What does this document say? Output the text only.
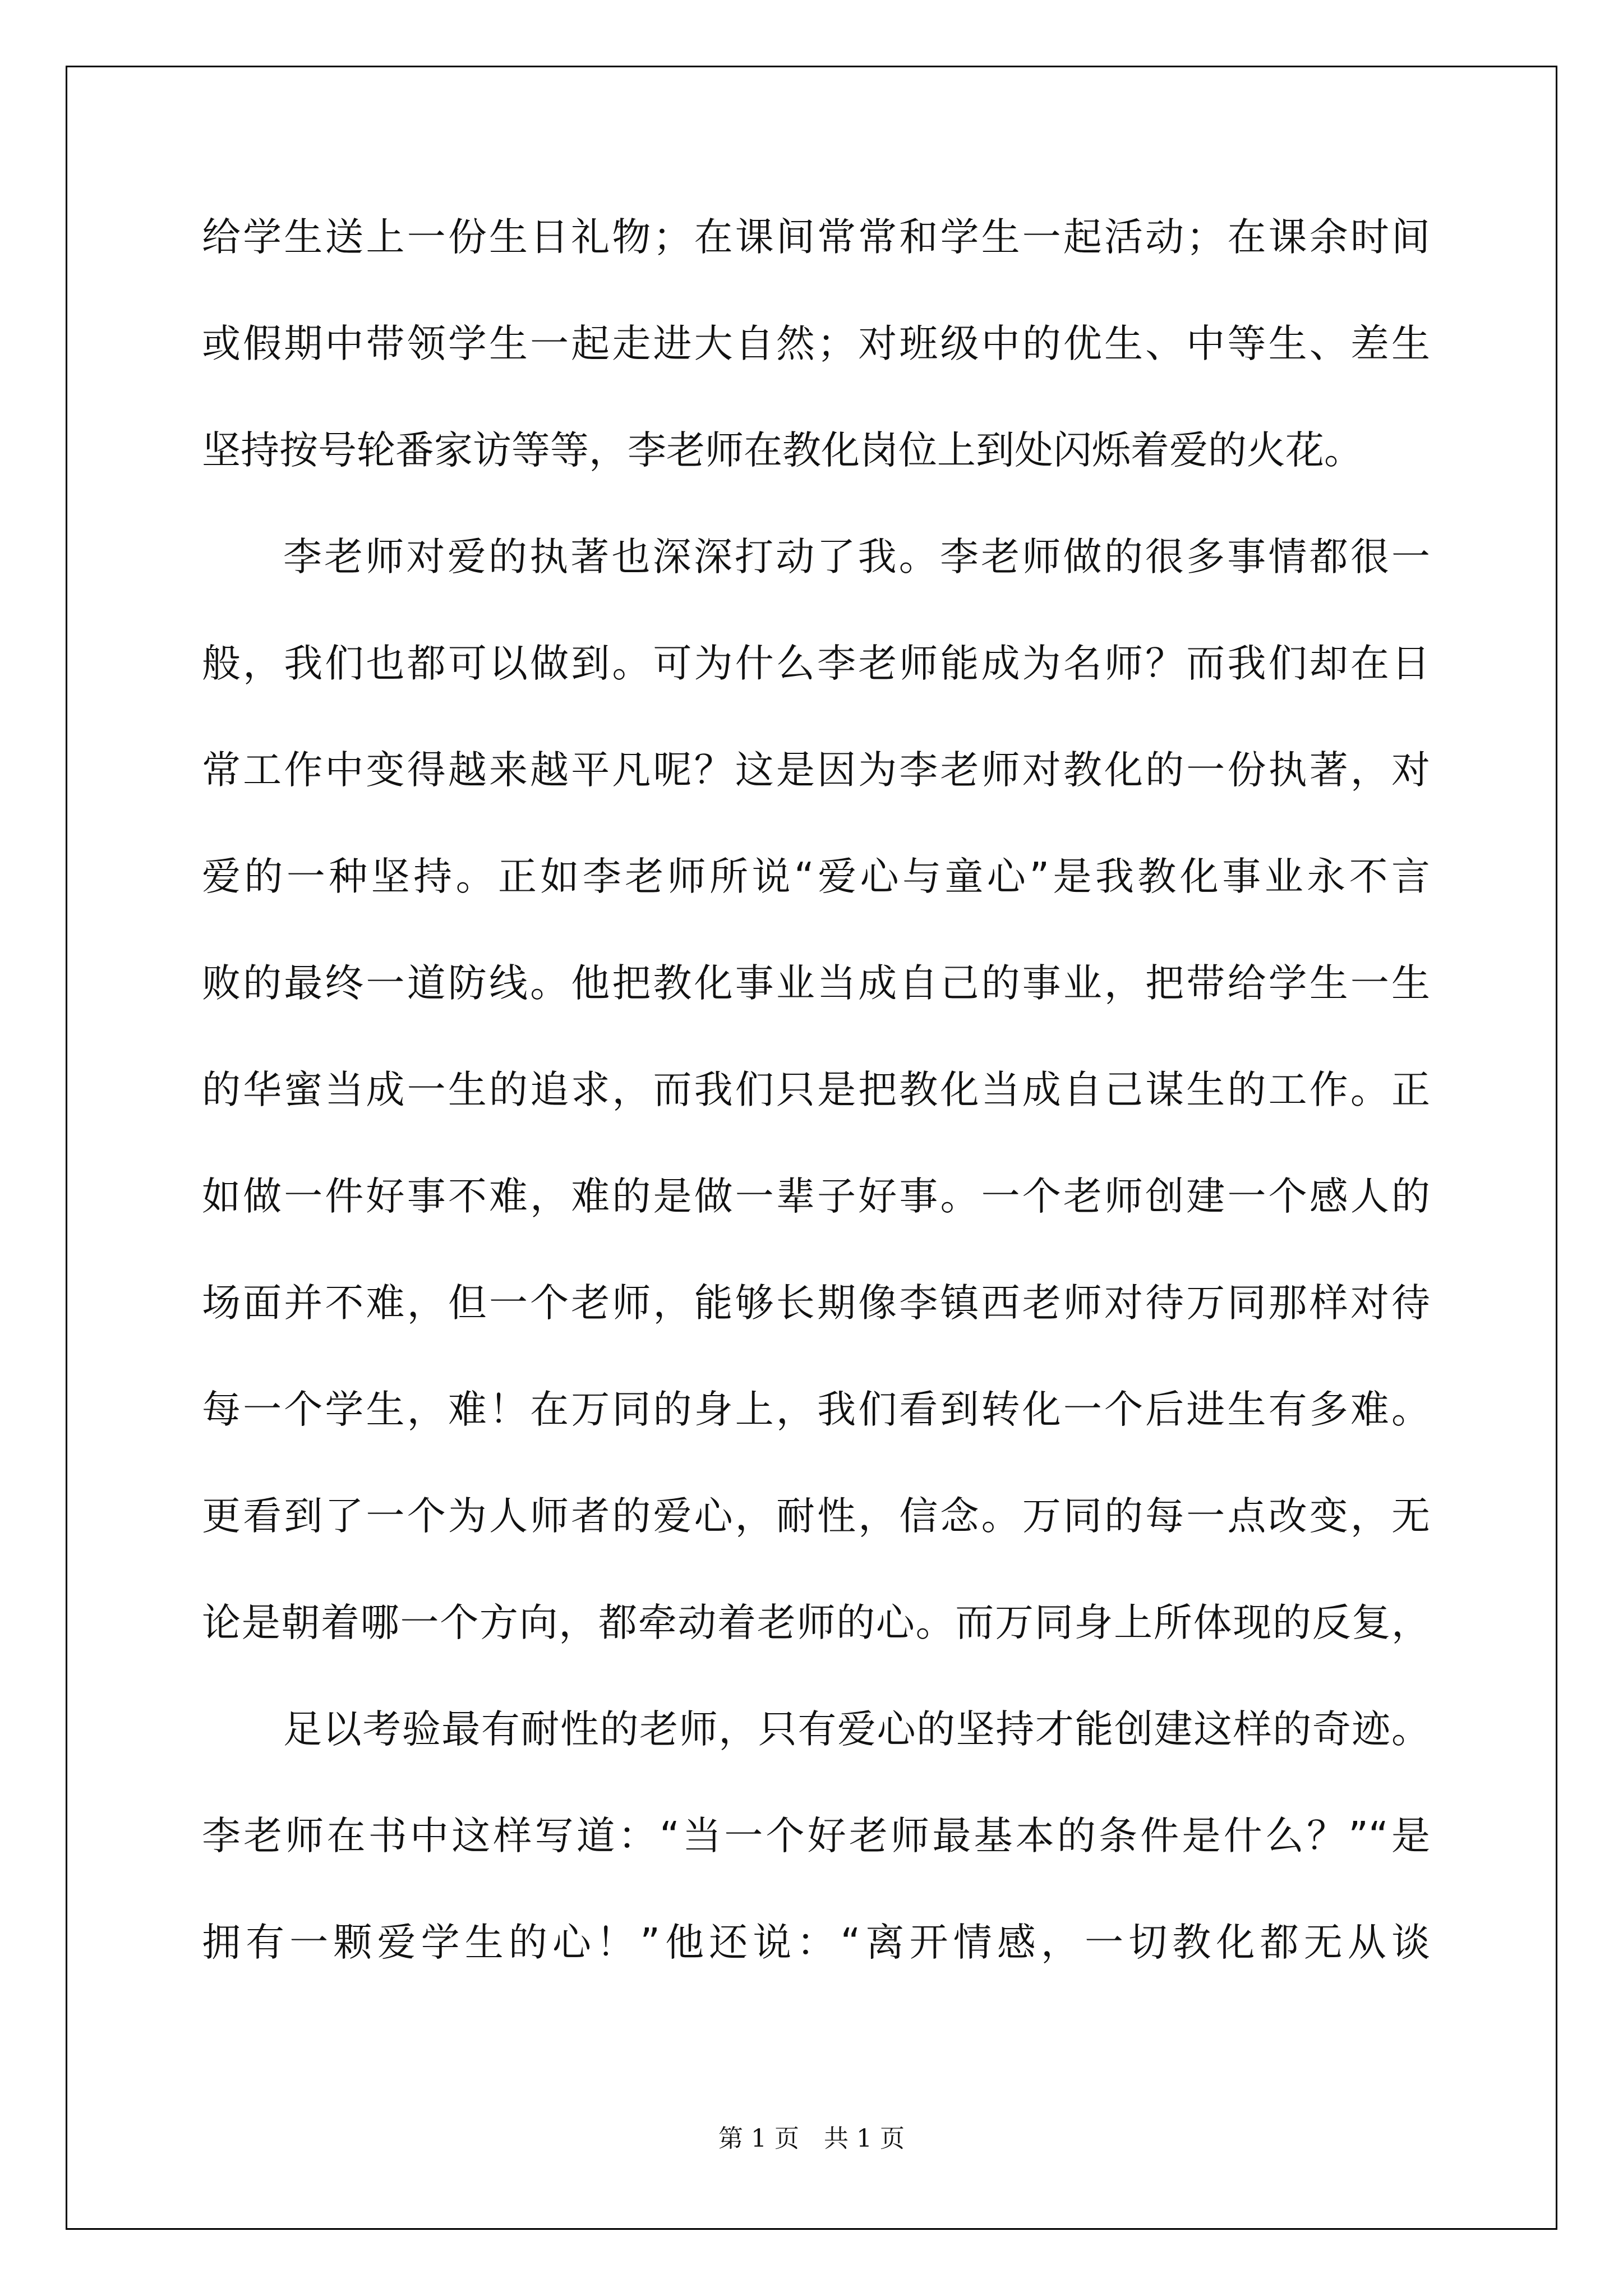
给学生送上一份生日礼物；在课间常常和学生一起活动；在课余时间
或假期中带领学生一起走进大自然；对班级中的优生、中等生、差生
坚持按号轮番家访等等，李老师在教化岗位上到处闪烁着爱的火花。
李老师对爱的执著也深深打动了我。李老师做的很多事情都很一
般，我们也都可以做到。可为什么李老师能成为名师？而我们却在日
常工作中变得越来越平凡呢？这是因为李老师对教化的一份执著，对
爱的一种坚持。正如李老师所说“爱心与童心”是我教化事业永不言
败的最终一道防线。他把教化事业当成自己的事业，把带给学生一生
的华蜜当成一生的追求，而我们只是把教化当成自己谋生的工作。正
如做一件好事不难，难的是做一辈子好事。一个老师创建一个感人的
场面并不难，但一个老师，能够长期像李镇西老师对待万同那样对待
每一个学生，难！在万同的身上，我们看到转化一个后进生有多难。
更看到了一个为人师者的爱心，耐性，信念。万同的每一点改变，无
论是朝着哪一个方向，都牵动着老师的心。而万同身上所体现的反复，
足以考验最有耐性的老师，只有爱心的坚持才能创建这样的奇迹。
李老师在书中这样写道：“当一个好老师最基本的条件是什么？”“是
拥有一颗爱学生的心！”他还说：“离开情感，一切教化都无从谈
第 1 页　共 1 页
